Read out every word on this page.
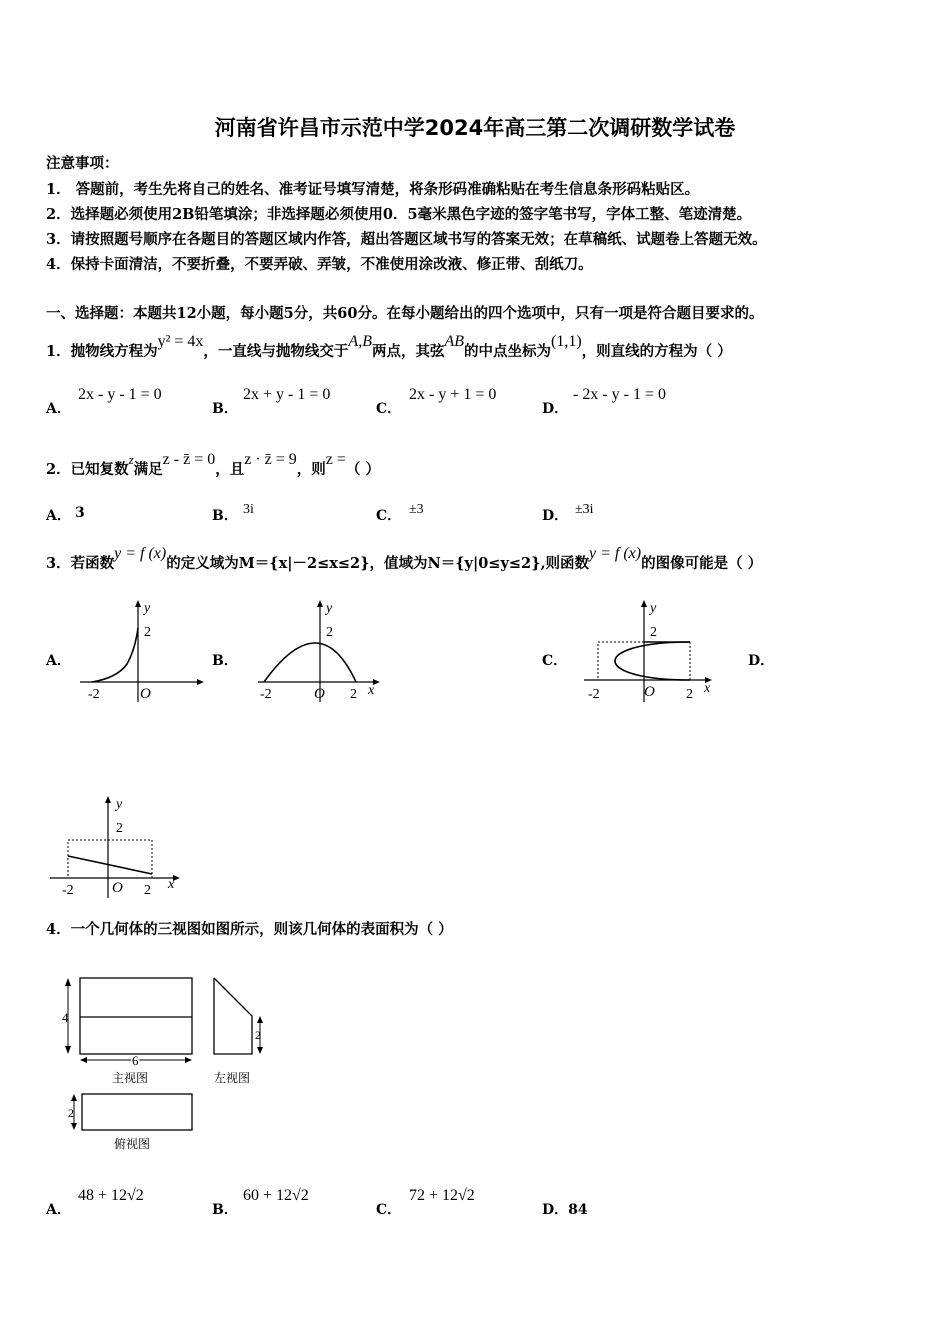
河南省许昌市示范中学2024年高三第二次调研数学试卷
注意事项：
1． 答题前，考生先将自己的姓名、准考证号填写清楚，将条形码准确粘贴在考生信息条形码粘贴区。
2．选择题必须使用2B铅笔填涂；非选择题必须使用0．5毫米黑色字迹的签字笔书写，字体工整、笔迹清楚。
3．请按照题号顺序在各题目的答题区域内作答，超出答题区域书写的答案无效；在草稿纸、试题卷上答题无效。
4．保持卡面清洁，不要折叠，不要弄破、弄皱，不准使用涂改液、修正带、刮纸刀。
一、选择题：本题共12小题，每小题5分，共60分。在每小题给出的四个选项中，只有一项是符合题目要求的。
1．抛物线方程为y² = 4x，一直线与抛物线交于A,B两点，其弦AB的中点坐标为(1,1)，则直线的方程为（ ）
A．
2x - y - 1 = 0
B．
2x + y - 1 = 0
C．
2x - y + 1 = 0
D．
- 2x - y - 1 = 0
2．已知复数z满足z - z̄ = 0，且z · z̄ = 9，则z =（ ）
A． 3	B． 3i	C． ±3	D． ±3i
3．若函数y = f (x)的定义域为M＝{x|－2≤x≤2}，值域为N＝{y|0≤y≤2},则函数y = f (x)的图像可能是（ ）
A．	B．	C．	D．
y
2
-2	O
y
2
-2	O 2 x
y
2
-2	O 2 x
y
2
-2	O 2 x
4．一个几何体的三视图如图所示，则该几何体的表面积为（ ）
4
6
主视图
2
左视图
2
俯视图
A．
48 + 12√2
B．
60 + 12√2
C．
72 + 12√2
D．84
